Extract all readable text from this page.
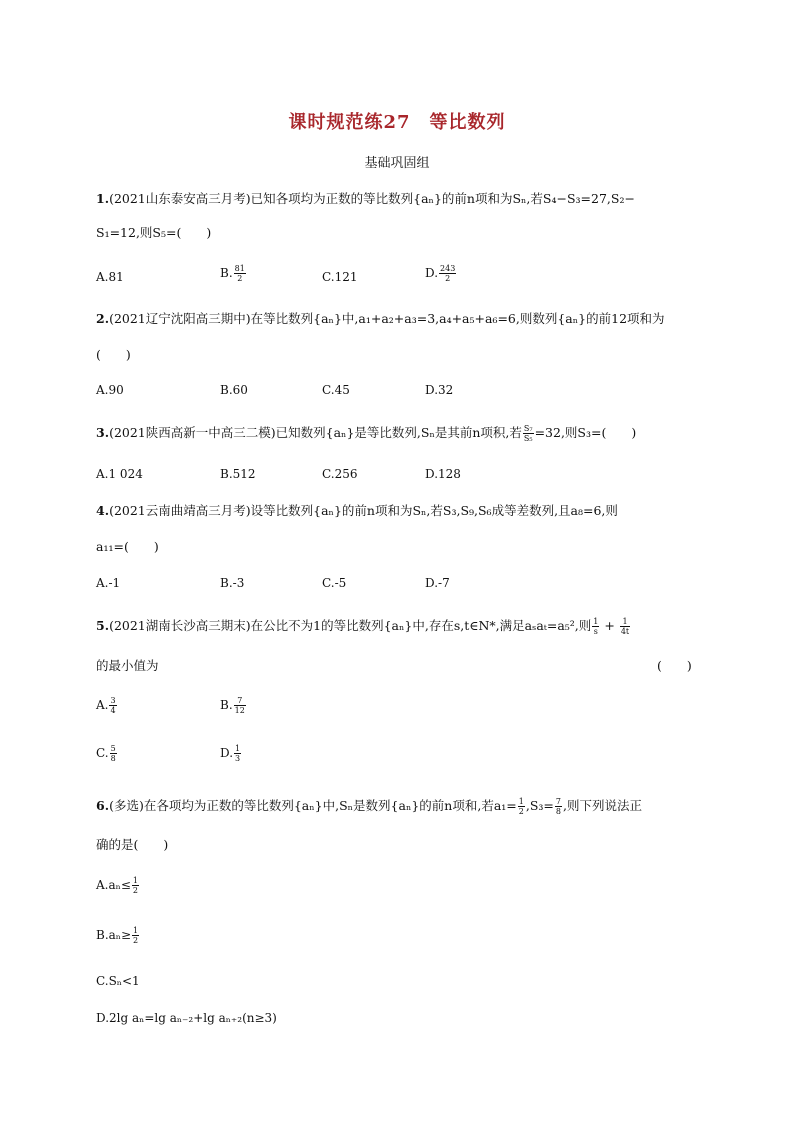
课时规范练27　等比数列
基础巩固组
1.(2021山东泰安高三月考)已知各项均为正数的等比数列{aₙ}的前n项和为Sₙ,若S₄−S₃=27,S₂−
S₁=12,则S₅=(　　)
A.81	B. $\frac{81}{2}$	C.121	D. $\frac{243}{2}$
2.(2021辽宁沈阳高三期中)在等比数列{aₙ}中,a₁+a₂+a₃=3,a₄+a₅+a₆=6,则数列{aₙ}的前12项和为
(　　)
A.90	B.60	C.45	D.32
3.(2021陕西高新一中高三二模)已知数列{aₙ}是等比数列,Sₙ是其前n项积,若 $\frac{\text{S₇}}{\text{S₅}} =32$,则S₃=(　　)
A.1 024	B.512	C.256	D.128
4.(2021云南曲靖高三月考)设等比数列{aₙ}的前n项和为Sₙ,若S₃,S₉,S₆成等差数列,且a₈=6,则
a₁₁=(　　)
A.-1	B.-3	C.-5	D.-7
5.(2021湖南长沙高三期末)在公比不为1的等比数列{aₙ}中,存在s,t∈N*,满足aₛaₜ=a₅²,则 $\frac{1}{s} + \frac{1}{4t}$
的最小值为	(　　)
A. $\frac{3}{4}$	B. $\frac{7}{12}$
C. $\frac{5}{8}$	D. $\frac{1}{3}$
6.(多选)在各项均为正数的等比数列{aₙ}中,Sₙ是数列{aₙ}的前n项和,若$a_1= \frac{1}{2} ,S_3= \frac{7}{8}$ ,则下列说法正
确的是(　　)
$A.a_n\le \frac{1}{2}$
$B.a_n\ge \frac{1}{2}$
C.Sₙ<1
D.2lg aₙ=lg aₙ₋₂+lg aₙ₊₂(n≥3)
